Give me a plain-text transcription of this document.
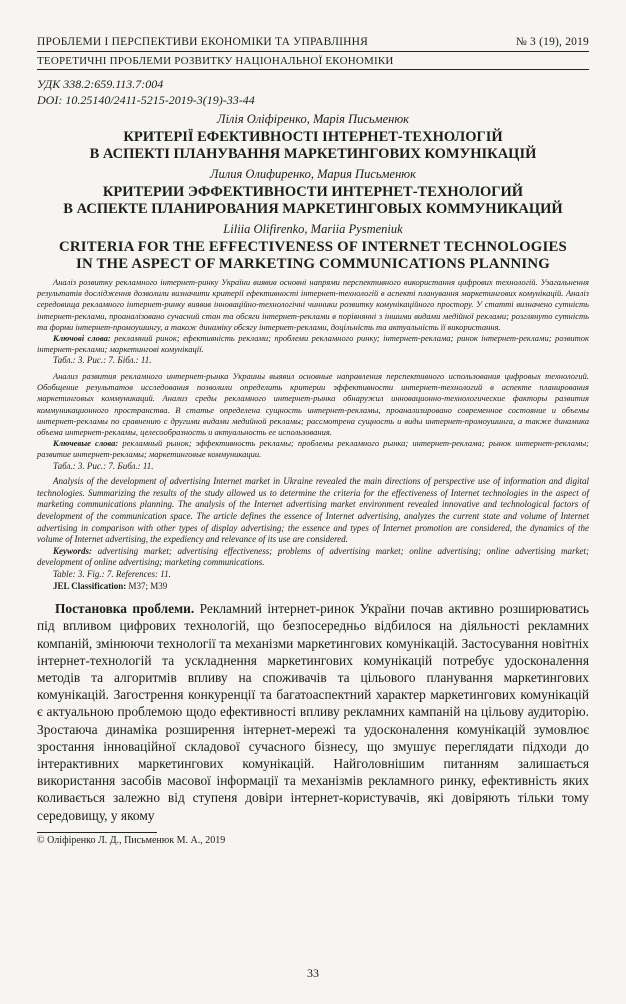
ПРОБЛЕМИ І ПЕРСПЕКТИВИ ЕКОНОМІКИ ТА УПРАВЛІННЯ	№ 3 (19), 2019
ТЕОРЕТИЧНІ ПРОБЛЕМИ РОЗВИТКУ НАЦІОНАЛЬНОЇ ЕКОНОМІКИ
УДК 338.2:659.113.7:004
DOI: 10.25140/2411-5215-2019-3(19)-33-44
Лілія Оліфіренко, Марія Письменюк
КРИТЕРІЇ ЕФЕКТИВНОСТІ ІНТЕРНЕТ-ТЕХНОЛОГІЙ
В АСПЕКТІ ПЛАНУВАННЯ МАРКЕТИНГОВИХ КОМУНІКАЦІЙ
Лилия Олифиренко, Мария Письменюк
КРИТЕРИИ ЭФФЕКТИВНОСТИ ИНТЕРНЕТ-ТЕХНОЛОГИЙ
В АСПЕКТЕ ПЛАНИРОВАНИЯ МАРКЕТИНГОВЫХ КОММУНИКАЦИЙ
Liliia Olifirenko, Mariia Pysmeniuk
CRITERIA FOR THE EFFECTIVENESS OF INTERNET TECHNOLOGIES
IN THE ASPECT OF MARKETING COMMUNICATIONS PLANNING
Аналіз розвитку рекламного інтернет-ринку України виявив основні напрями перспективного використання цифрових технологій. Узагальнення результатів дослідження дозволили визначити критерії ефективності інтернет-технологій в аспекті планування маркетингових комунікацій. Аналіз середовища рекламного інтернет-ринку виявив інноваційно-технологічні чинники розвитку комунікаційного простору. У статті визначено сутність інтернет-реклами, проаналізовано сучасний стан та обсяги інтернет-реклами в порівнянні з іншими видами медійної реклами; розглянуто сутність та форми інтернет-промоушингу, а також динаміку обсягу інтернет-реклами, доцільність та актуальність її використання.
Ключові слова: рекламний ринок; ефективність реклами; проблеми рекламного ринку; інтернет-реклама; ринок інтернет-реклами; розвиток інтернет-реклами; маркетингові комунікації.
Табл.: 3. Рис.: 7. Бібл.: 11.
Анализ развития рекламного интернет-рынка Украины выявил основные направления перспективного использования цифровых технологий. Обобщение результатов исследования позволили определить критерии эффективности интернет-технологий в аспекте планирования маркетинговых коммуникаций. Анализ среды рекламного интернет-рынка обнаружил инновационно-технологические факторы развития коммуникационного пространства. В статье определена сущность интернет-рекламы, проанализировано современное состояние и объемы интернет-рекламы по сравнению с другими видами медийной рекламы; рассмотрена сущность и виды интернет-промоушинга, а также динамика объема интернет-рекламы, целесообразность и актуальность ее использования.
Ключевые слова: рекламный рынок; эффективность рекламы; проблемы рекламного рынка; интернет-реклама; рынок интернет-рекламы; развитие интернет-рекламы; маркетинговые коммуникации.
Табл.: 3. Рис.: 7. Библ.: 11.
Analysis of the development of advertising Internet market in Ukraine revealed the main directions of perspective use of information and digital technologies. Summarizing the results of the study allowed us to determine the criteria for the effectiveness of Internet technologies in the aspect of marketing communications planning. The analysis of the Internet advertising market environment revealed innovative and technological factors of development of the communication space. The article defines the essence of Internet advertising, analyzes the current state and volume of Internet advertising in comparison with other types of display advertising; the essence and types of Internet promotion are considered, the dynamics of the volume of Internet advertising, the expediency and relevance of its use are considered.
Keywords: advertising market; advertising effectiveness; problems of advertising market; online advertising; online advertising market; development of online advertising; marketing communications.
Table: 3. Fig.: 7. References: 11.
JEL Classification: M37; M39
Постановка проблеми. Рекламний інтернет-ринок України почав активно розширюватись під впливом цифрових технологій, що безпосередньо відбилося на діяльності рекламних компаній, змінюючи технології та механізми маркетингових комунікацій. Застосування новітніх інтернет-технологій та ускладнення маркетингових комунікацій потребує удосконалення методів та алгоритмів впливу на споживачів та цільового планування маркетингових комунікацій. Загострення конкуренції та багатоаспектний характер маркетингових комунікацій є актуальною проблемою щодо ефективності впливу рекламних кампаній на цільову аудиторію. Зростаюча динаміка розширення інтернет-мережі та удосконалення комунікацій зумовлює зростання інноваційної складової сучасного бізнесу, що змушує переглядати підходи до інтерактивних маркетингових комунікацій. Найголовнішим питанням залишається використання засобів масової інформації та механізмів рекламного ринку, ефективність яких коливається залежно від ступеня довіри інтернет-користувачів, які довіряють тільки тому середовищу, у якому
© Оліфіренко Л. Д., Письменюк М. А., 2019
33
